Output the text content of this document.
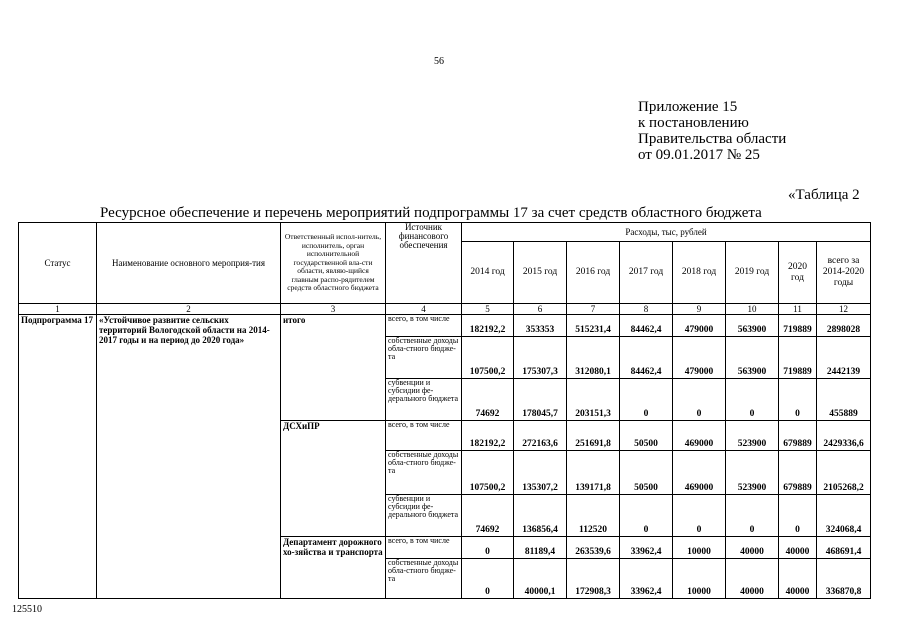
56
Приложение 15
к постановлению
Правительства области
от 09.01.2017 № 25
«Таблица 2
Ресурсное обеспечение и перечень мероприятий подпрограммы 17 за счет средств областного бюджета
Статус	Наименование основного мероприя-тия	Ответственный испол-нитель, исполнитель, орган исполнительной государственной вла-сти области, являю-щийся главным распо-рядителем средств областного бюджета	Источник финансового обеспечения	Расходы, тыс, рублей							
				2014 год	2015 год	2016 год	2017 год	2018 год	2019 год	2020 год	всего за 2014-2020 годы
1	2	3	4	5	6	7	8	9	10	11	12
Подпрограмма 17	«Устойчивое развитие сельских территорий Вологодской области на 2014-2017 годы и на период до 2020 года»	итого	всего, в том числе	182192,2	353353	515231,4	84462,4	479000	563900	719889	2898028
			собственные доходы обла-стного бюдже-та	107500,2	175307,3	312080,1	84462,4	479000	563900	719889	2442139
			субвенции и субсидии фе-дерального бюджета	74692	178045,7	203151,3	0	0	0	0	455889
		ДСХиПР	всего, в том числе	182192,2	272163,6	251691,8	50500	469000	523900	679889	2429336,6
			собственные доходы обла-стного бюдже-та	107500,2	135307,2	139171,8	50500	469000	523900	679889	2105268,2
			субвенции и субсидии фе-дерального бюджета	74692	136856,4	112520	0	0	0	0	324068,4
		Департамент дорожного хо-зяйства и транспорта	всего, в том числе	0	81189,4	263539,6	33962,4	10000	40000	40000	468691,4
			собственные доходы обла-стного бюдже-та	0	40000,1	172908,3	33962,4	10000	40000	40000	336870,8
125510
